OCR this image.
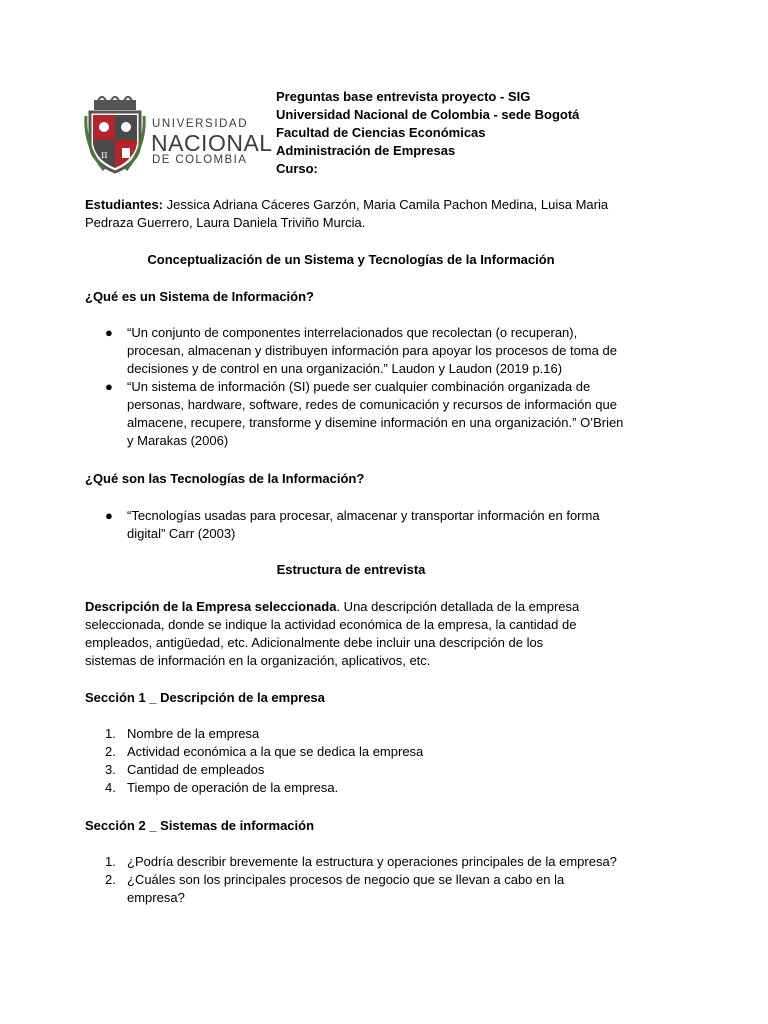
π
UNIVERSIDAD
NACIONAL
DE COLOMBIA
Preguntas base entrevista proyecto - SIG
Universidad Nacional de Colombia - sede Bogotá
Facultad de Ciencias Económicas
Administración de Empresas
Curso:
Estudiantes: Jessica Adriana Cáceres Garzón, Maria Camila Pachon Medina, Luisa Maria Pedraza Guerrero, Laura Daniela Triviño Murcia.
Conceptualización de un Sistema y Tecnologías de la Información
¿Qué es un Sistema de Información?
● “Un conjunto de componentes interrelacionados que recolectan (o recuperan), procesan, almacenan y distribuyen información para apoyar los procesos de toma de decisiones y de control en una organización.” Laudon y Laudon (2019 p.16)
● “Un sistema de información (SI) puede ser cualquier combinación organizada de personas, hardware, software, redes de comunicación y recursos de información que almacene, recupere, transforme y disemine información en una organización.” O’Brien y Marakas (2006)
¿Qué son las Tecnologías de la Información?
● “Tecnologías usadas para procesar, almacenar y transportar información en forma digital” Carr (2003)
Estructura de entrevista
Descripción de la Empresa seleccionada. Una descripción detallada de la empresa seleccionada, donde se indique la actividad económica de la empresa, la cantidad de empleados, antigüedad, etc. Adicionalmente debe incluir una descripción de los sistemas de información en la organización, aplicativos, etc.
Sección 1 _ Descripción de la empresa
1. Nombre de la empresa
2. Actividad económica a la que se dedica la empresa
3. Cantidad de empleados
4. Tiempo de operación de la empresa.
Sección 2 _ Sistemas de información
1. ¿Podría describir brevemente la estructura y operaciones principales de la empresa?
2. ¿Cuáles son los principales procesos de negocio que se llevan a cabo en la empresa?
